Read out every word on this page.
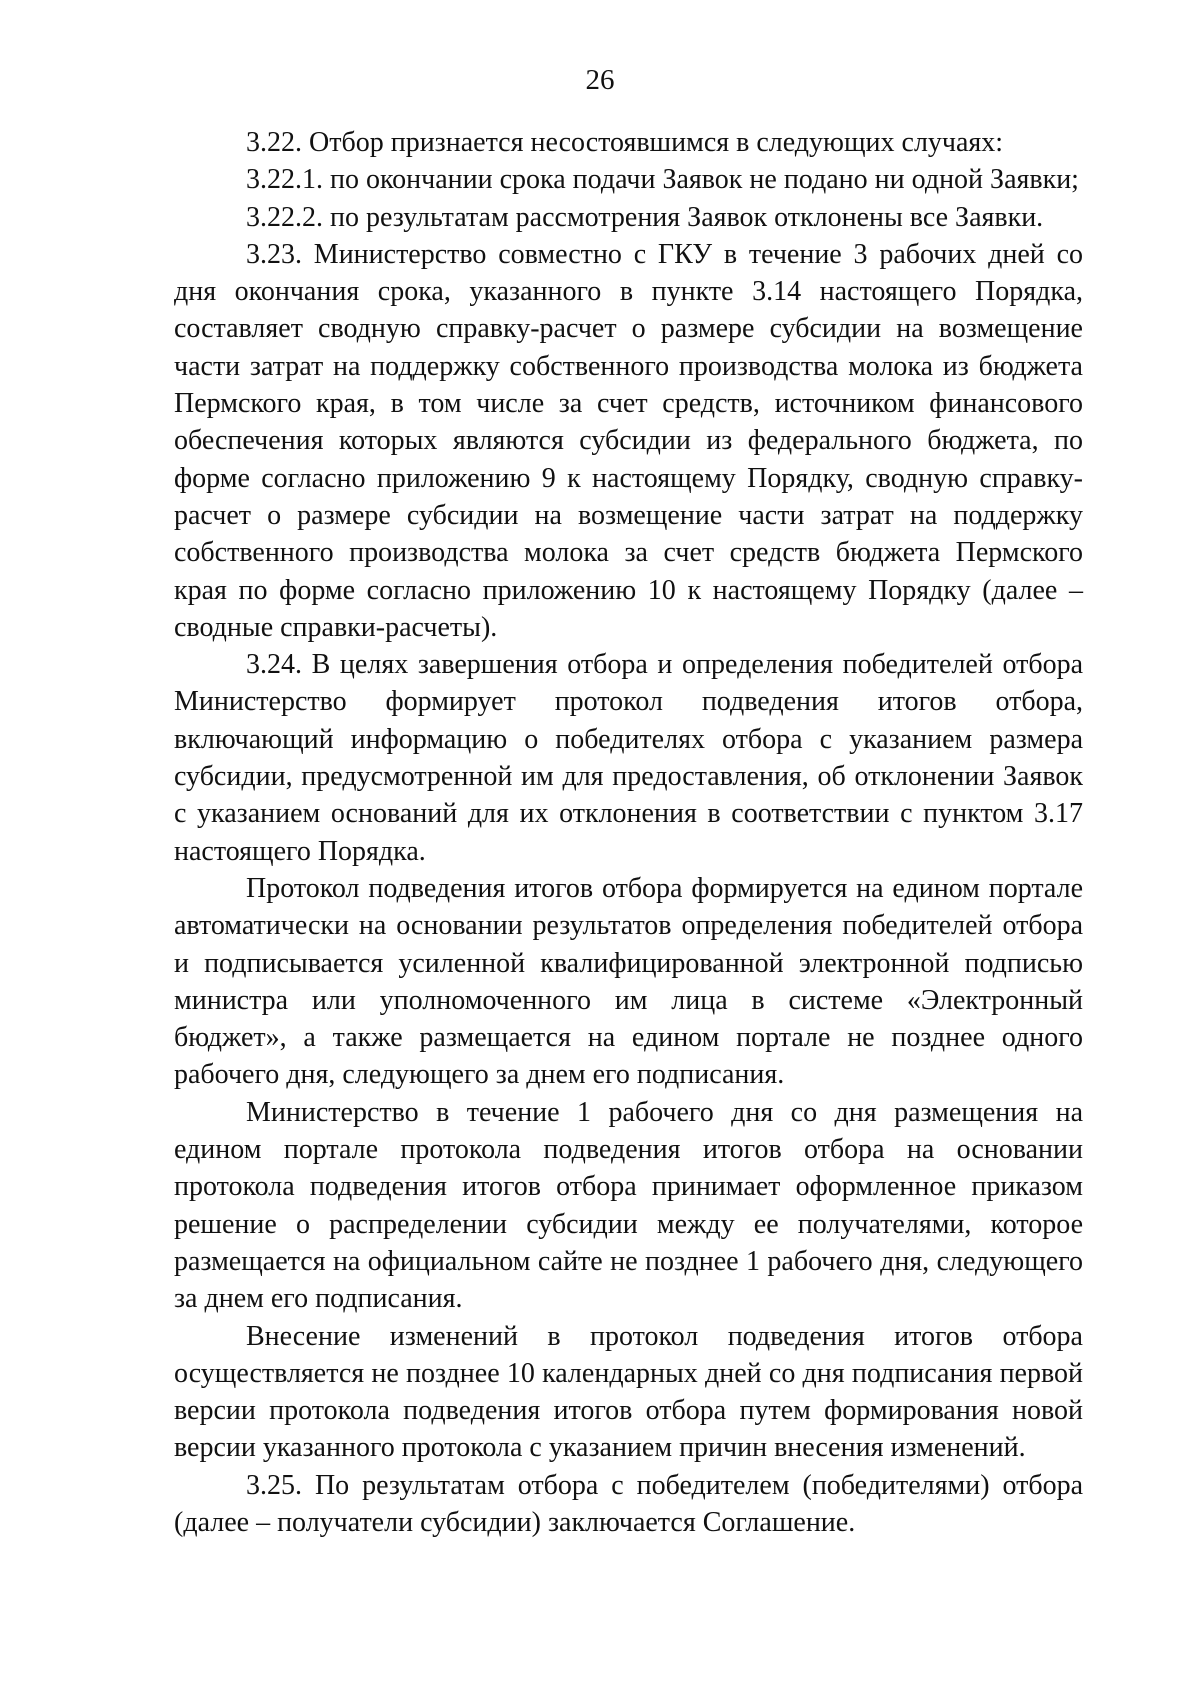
26

3.22. Отбор признается несостоявшимся в следующих случаях:

3.22.1. по окончании срока подачи Заявок не подано ни одной Заявки;

3.22.2. по результатам рассмотрения Заявок отклонены все Заявки.

3.23. Министерство совместно с ГКУ в течение 3 рабочих дней со дня окончания срока, указанного в пункте 3.14 настоящего Порядка, составляет сводную справку-расчет о размере субсидии на возмещение части затрат на поддержку собственного производства молока из бюджета Пермского края, в том числе за счет средств, источником финансового обеспечения которых являются субсидии из федерального бюджета, по форме согласно приложению 9 к настоящему Порядку, сводную справку-расчет о размере субсидии на возмещение части затрат на поддержку собственного производства молока за счет средств бюджета Пермского края по форме согласно приложению 10 к настоящему Порядку (далее – сводные справки-расчеты).

3.24. В целях завершения отбора и определения победителей отбора Министерство формирует протокол подведения итогов отбора, включающий информацию о победителях отбора с указанием размера субсидии, предусмотренной им для предоставления, об отклонении Заявок с указанием оснований для их отклонения в соответствии с пунктом 3.17 настоящего Порядка.

Протокол подведения итогов отбора формируется на едином портале автоматически на основании результатов определения победителей отбора и подписывается усиленной квалифицированной электронной подписью министра или уполномоченного им лица в системе «Электронный бюджет», а также размещается на едином портале не позднее одного рабочего дня, следующего за днем его подписания.

Министерство в течение 1 рабочего дня со дня размещения на едином портале протокола подведения итогов отбора на основании протокола подведения итогов отбора принимает оформленное приказом решение о распределении субсидии между ее получателями, которое размещается на официальном сайте не позднее 1 рабочего дня, следующего за днем его подписания.

Внесение изменений в протокол подведения итогов отбора осуществляется не позднее 10 календарных дней со дня подписания первой версии протокола подведения итогов отбора путем формирования новой версии указанного протокола с указанием причин внесения изменений.

3.25. По результатам отбора с победителем (победителями) отбора (далее – получатели субсидии) заключается Соглашение.
